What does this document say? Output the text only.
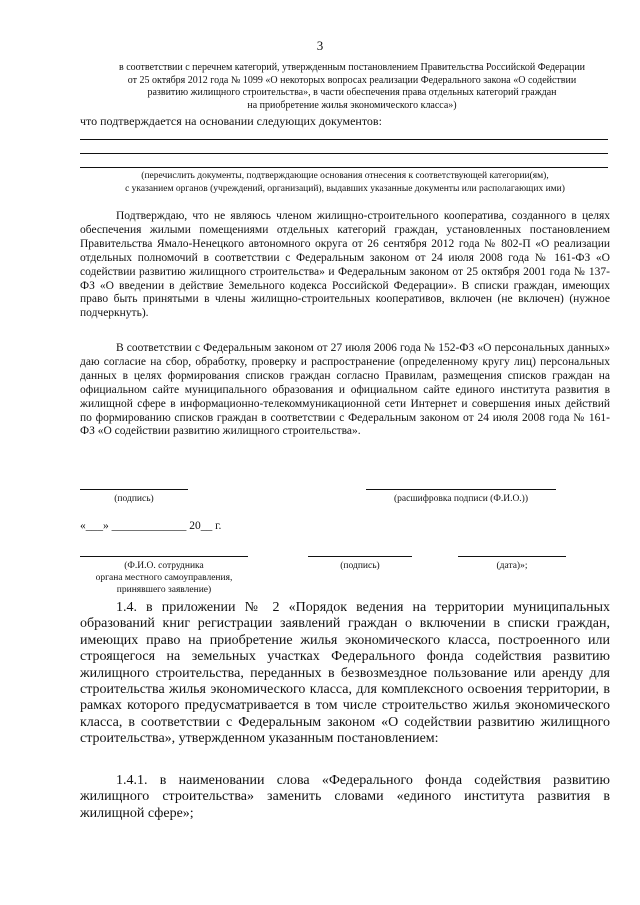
3
в соответствии с перечнем категорий, утвержденным постановлением Правительства Российской Федерации
от 25 октября 2012 года № 1099 «О некоторых вопросах реализации Федерального закона «О содействии
развитию жилищного строительства», в части обеспечения права отдельных категорий граждан
на приобретение жилья экономического класса»)
что подтверждается на основании следующих документов:
(перечислить документы, подтверждающие основания отнесения к соответствующей категории(ям),
с указанием органов (учреждений, организаций), выдавших указанные документы или располагающих ими)
Подтверждаю, что не являюсь членом жилищно-строительного кооператива, созданного в целях обеспечения жилыми помещениями отдельных категорий граждан, установленных постановлением Правительства Ямало-Ненецкого автономного округа от 26 сентября 2012 года № 802-П «О реализации отдельных полномочий в соответствии с Федеральным законом от 24 июля 2008 года № 161-ФЗ «О содействии развитию жилищного строительства» и Федеральным законом от 25 октября 2001 года № 137-ФЗ «О введении в действие Земельного кодекса Российской Федерации». В списки граждан, имеющих право быть принятыми в члены жилищно-строительных кооперативов, включен (не включен) (нужное подчеркнуть).
В соответствии с Федеральным законом от 27 июля 2006 года № 152-ФЗ «О персональных данных» даю согласие на сбор, обработку, проверку и распространение (определенному кругу лиц) персональных данных в целях формирования списков граждан согласно Правилам, размещения списков граждан на официальном сайте муниципального образования и официальном сайте единого института развития в жилищной сфере в информационно-телекоммуникационной сети Интернет и совершения иных действий по формированию списков граждан в соответствии с Федеральным законом от 24 июля 2008 года № 161-ФЗ «О содействии развитию жилищного строительства».
(подпись)	(расшифровка подписи (Ф.И.О.))
«___» _____________ 20__ г.
(Ф.И.О. сотрудника
органа местного самоуправления,
принявшего заявление)
(подпись)	(дата)»;
1.4. в приложении № 2 «Порядок ведения на территории муниципальных образований книг регистрации заявлений граждан о включении в списки граждан, имеющих право на приобретение жилья экономического класса, построенного или строящегося на земельных участках Федерального фонда содействия развитию жилищного строительства, переданных в безвозмездное пользование или аренду для строительства жилья экономического класса, для комплексного освоения территории, в рамках которого предусматривается в том числе строительство жилья экономического класса, в соответствии с Федеральным законом «О содействии развитию жилищного строительства», утвержденном указанным постановлением:
1.4.1. в наименовании слова «Федерального фонда содействия развитию жилищного строительства» заменить словами «единого института развития в жилищной сфере»;
